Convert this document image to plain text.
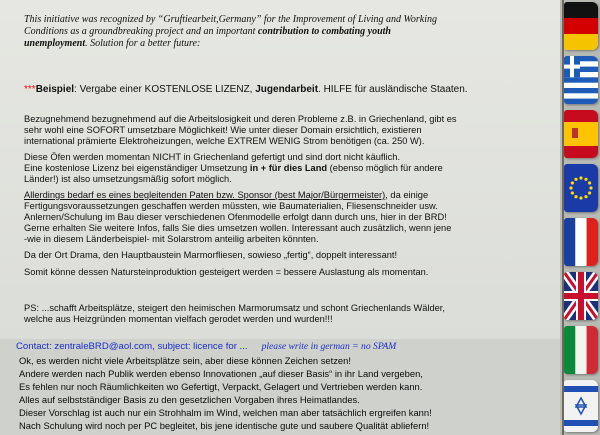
This initiative was recognized by “Gruftiearbeit,Germany” for the Improvement of Living and Working
Conditions as a groundbreaking project and an important contribution to combating youth
unemployment. Solution for a better future:
***Beispiel: Vergabe einer KOSTENLOSE LIZENZ, Jugendarbeit. HILFE für ausländische Staaten.
Bezugnehmend bezugnehmend auf die Arbeitslosigkeit und deren Probleme z.B. in Griechenland, gibt es
sehr wohl eine SOFORT umsetzbare Möglichkeit! Wie unter dieser Domain ersichtlich, existieren
international prämierte Elektroheizungen, welche EXTREM WENIG Strom benötigen (ca. 250 W).
Diese Öfen werden momentan NICHT in Griechenland gefertigt und sind dort nicht käuflich.
Eine kostenlose Lizenz bei eigenständiger Umsetzung in + für dies Land (ebenso möglich für andere
Länder!) ist also umsetzungsmäßig sofort möglich.
Allerdings bedarf es eines begleitenden Paten bzw. Sponsor (best Major/Bürgermeister), da einige
Fertigungsvoraussetzungen geschaffen werden müssten, wie Baumaterialien, Fliesenschneider usw.
Anlernen/Schulung im Bau dieser verschiedenen Ofenmodelle erfolgt dann durch uns, hier in der BRD!
Gerne erhalten Sie weitere Infos, falls Sie dies umsetzen wollen. Interessant auch zusätzlich, wenn jene
-wie in diesem Länderbeispiel- mit Solarstrom anteilig arbeiten könnten.
Da der Ort Drama, den Hauptbaustein Marmorfliesen, sowieso „fertig“, doppelt interessant!
Somit könne dessen Natursteinproduktion gesteigert werden = bessere Auslastung als momentan.
PS: ...schafft Arbeitsplätze, steigert den heimischen Marmorumsatz und schont Griechenlands Wälder,
welche aus Heizgründen momentan vielfach gerodet werden und wurden!!!
Contact: zentraleBRD@aol.com, subject: licence for ... please write in german = no SPAM
Ok, es werden nicht viele Arbeitsplätze sein, aber diese können Zeichen setzen!
Andere werden nach Publik werden ebenso Innovationen „auf dieser Basis“ in ihr Land vergeben,
Es fehlen nur noch Räumlichkeiten wo Gefertigt, Verpackt, Gelagert und Vertrieben werden kann.
Alles auf selbstständiger Basis zu den gesetzlichen Vorgaben ihres Heimatlandes.
Dieser Vorschlag ist auch nur ein Strohhalm im Wind, welchen man aber tatsächlich ergreifen kann!
Nach Schulung wird noch per PC begleitet, bis jene identische gute und saubere Qualität abliefern!
